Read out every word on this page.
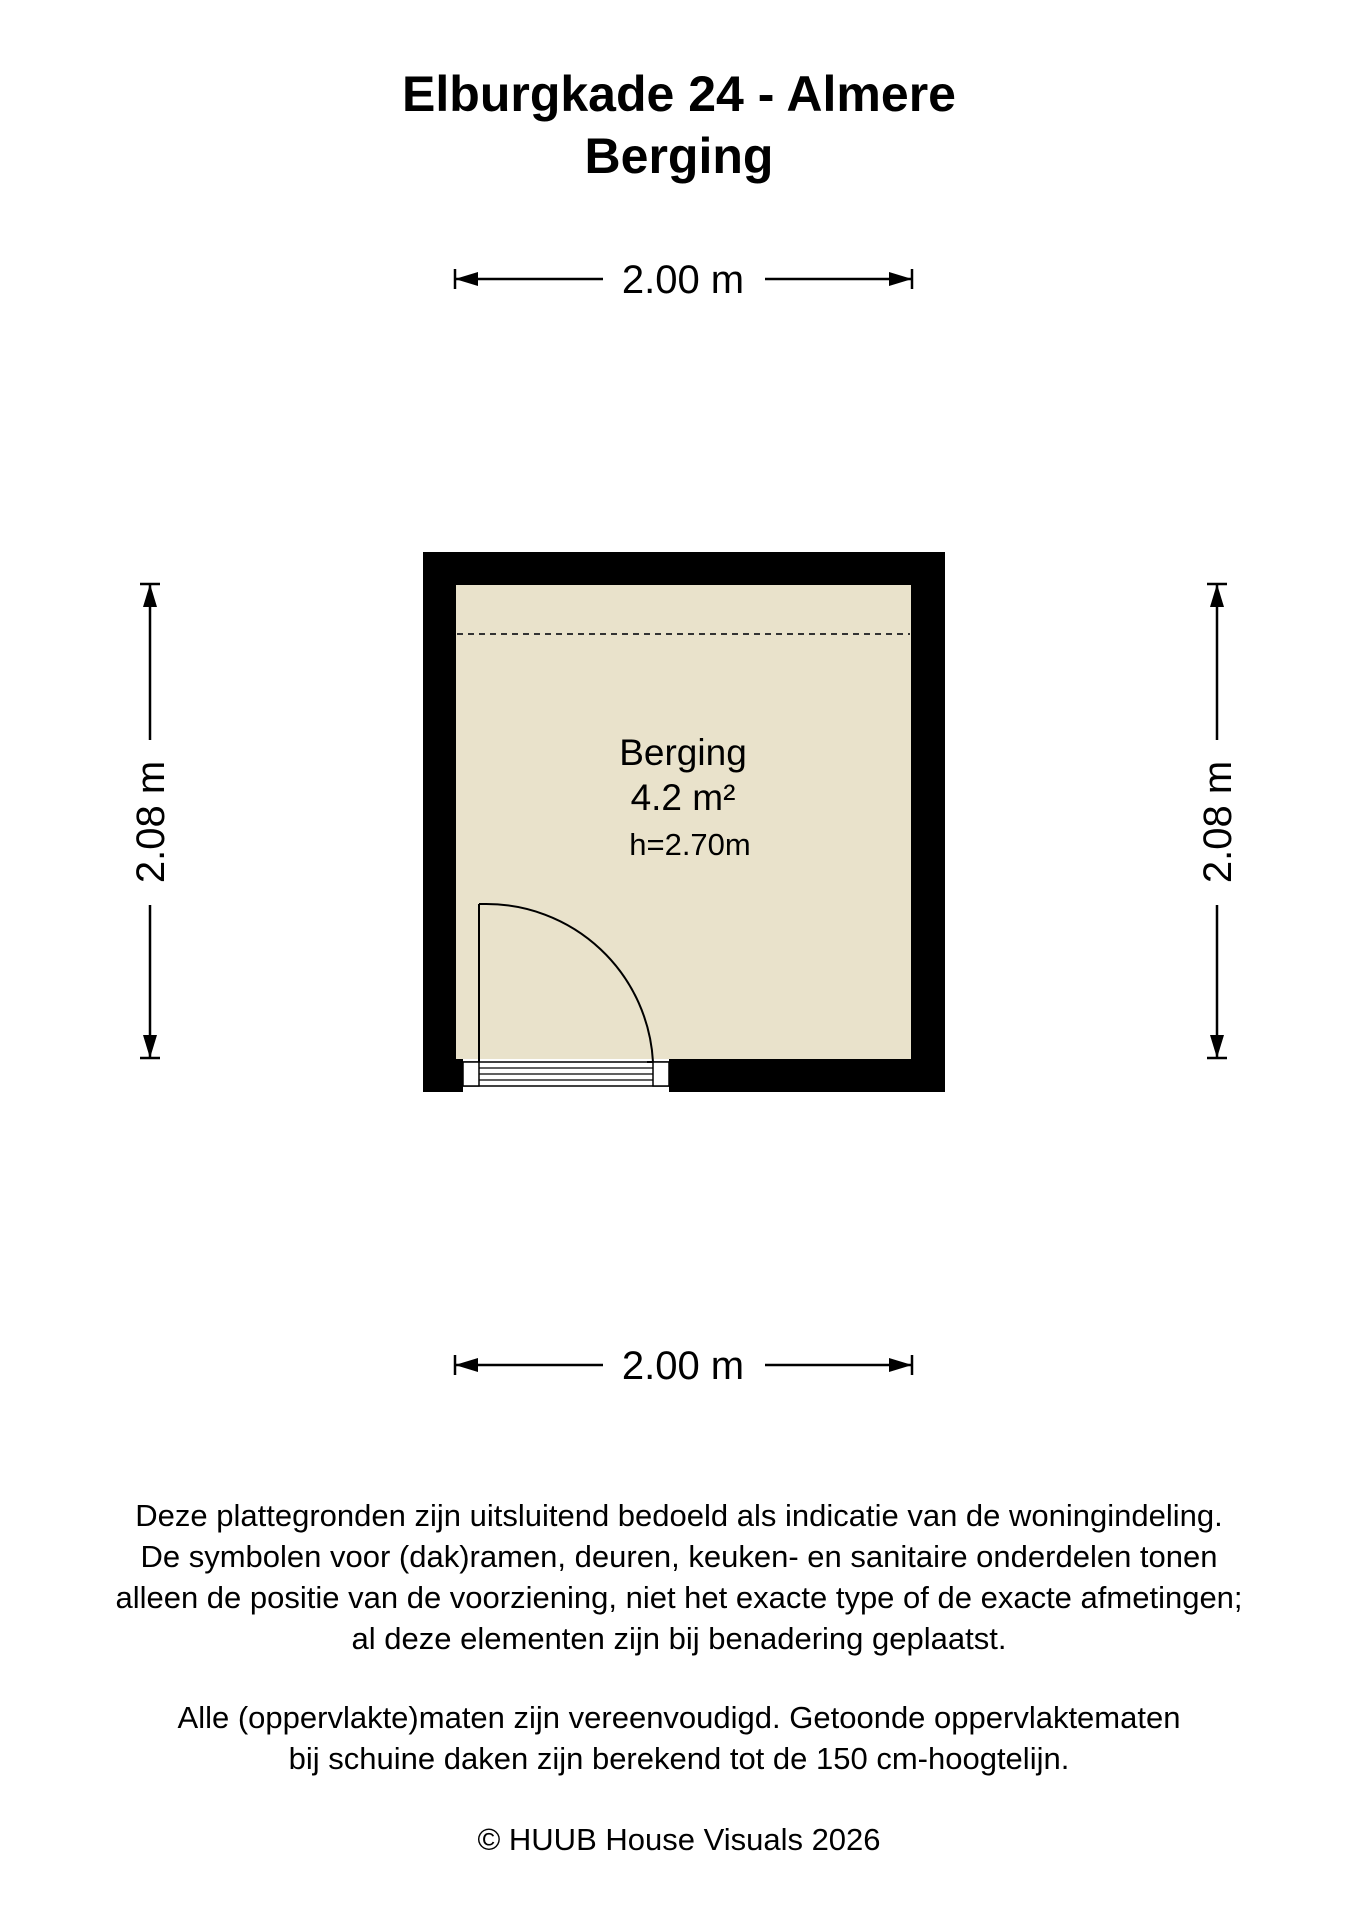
Elburgkade 24 - Almere
Berging
2.00 m
2.00 m
2.08 m	2.08 m
Berging
4.2 m²
h=2.70m
Deze plattegronden zijn uitsluitend bedoeld als indicatie van de woningindeling.
De symbolen voor (dak)ramen, deuren, keuken- en sanitaire onderdelen tonen
alleen de positie van de voorziening, niet het exacte type of de exacte afmetingen;
al deze elementen zijn bij benadering geplaatst.
Alle (oppervlakte)maten zijn vereenvoudigd. Getoonde oppervlaktematen
bij schuine daken zijn berekend tot de 150 cm-hoogtelijn.
© HUUB House Visuals 2026
